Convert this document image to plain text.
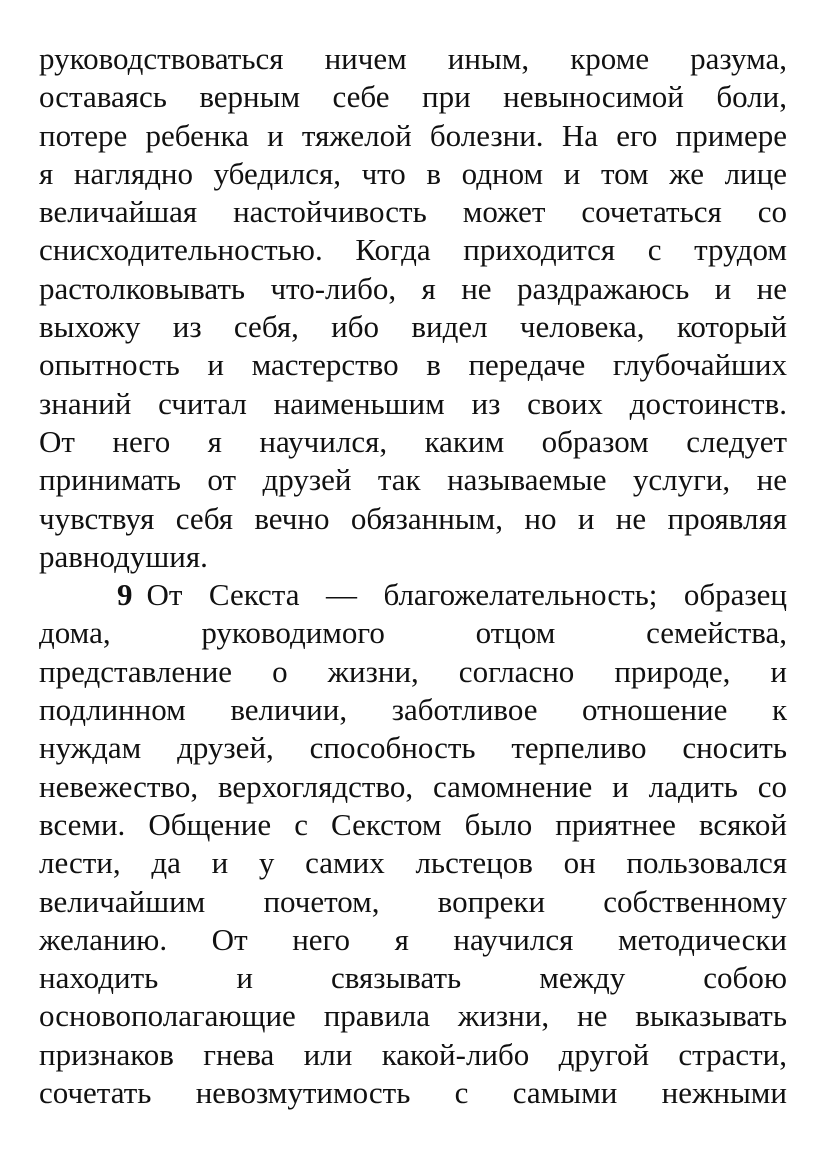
руководствоваться ничем иным, кроме разума,
оставаясь верным себе при невыносимой боли,
потере ребенка и тяжелой болезни. На его примере
я наглядно убедился, что в одном и том же лице
величайшая настойчивость может сочетаться со
снисходительностью. Когда приходится с трудом
растолковывать что-либо, я не раздражаюсь и не
выхожу из себя, ибо видел человека, который
опытность и мастерство в передаче глубочайших
знаний считал наименьшим из своих достоинств.
От него я научился, каким образом следует
принимать от друзей так называемые услуги, не
чувствуя себя вечно обязанным, но и не проявляя
равнодушия.
9 От Секста — благожелательность; образец
дома, руководимого отцом семейства,
представление о жизни, согласно природе, и
подлинном величии, заботливое отношение к
нуждам друзей, способность терпеливо сносить
невежество, верхоглядство, самомнение и ладить со
всеми. Общение с Секстом было приятнее всякой
лести, да и у самих льстецов он пользовался
величайшим почетом, вопреки собственному
желанию. От него я научился методически
находить и связывать между собою
основополагающие правила жизни, не выказывать
признаков гнева или какой-либо другой страсти,
сочетать невозмутимость с самыми нежными
